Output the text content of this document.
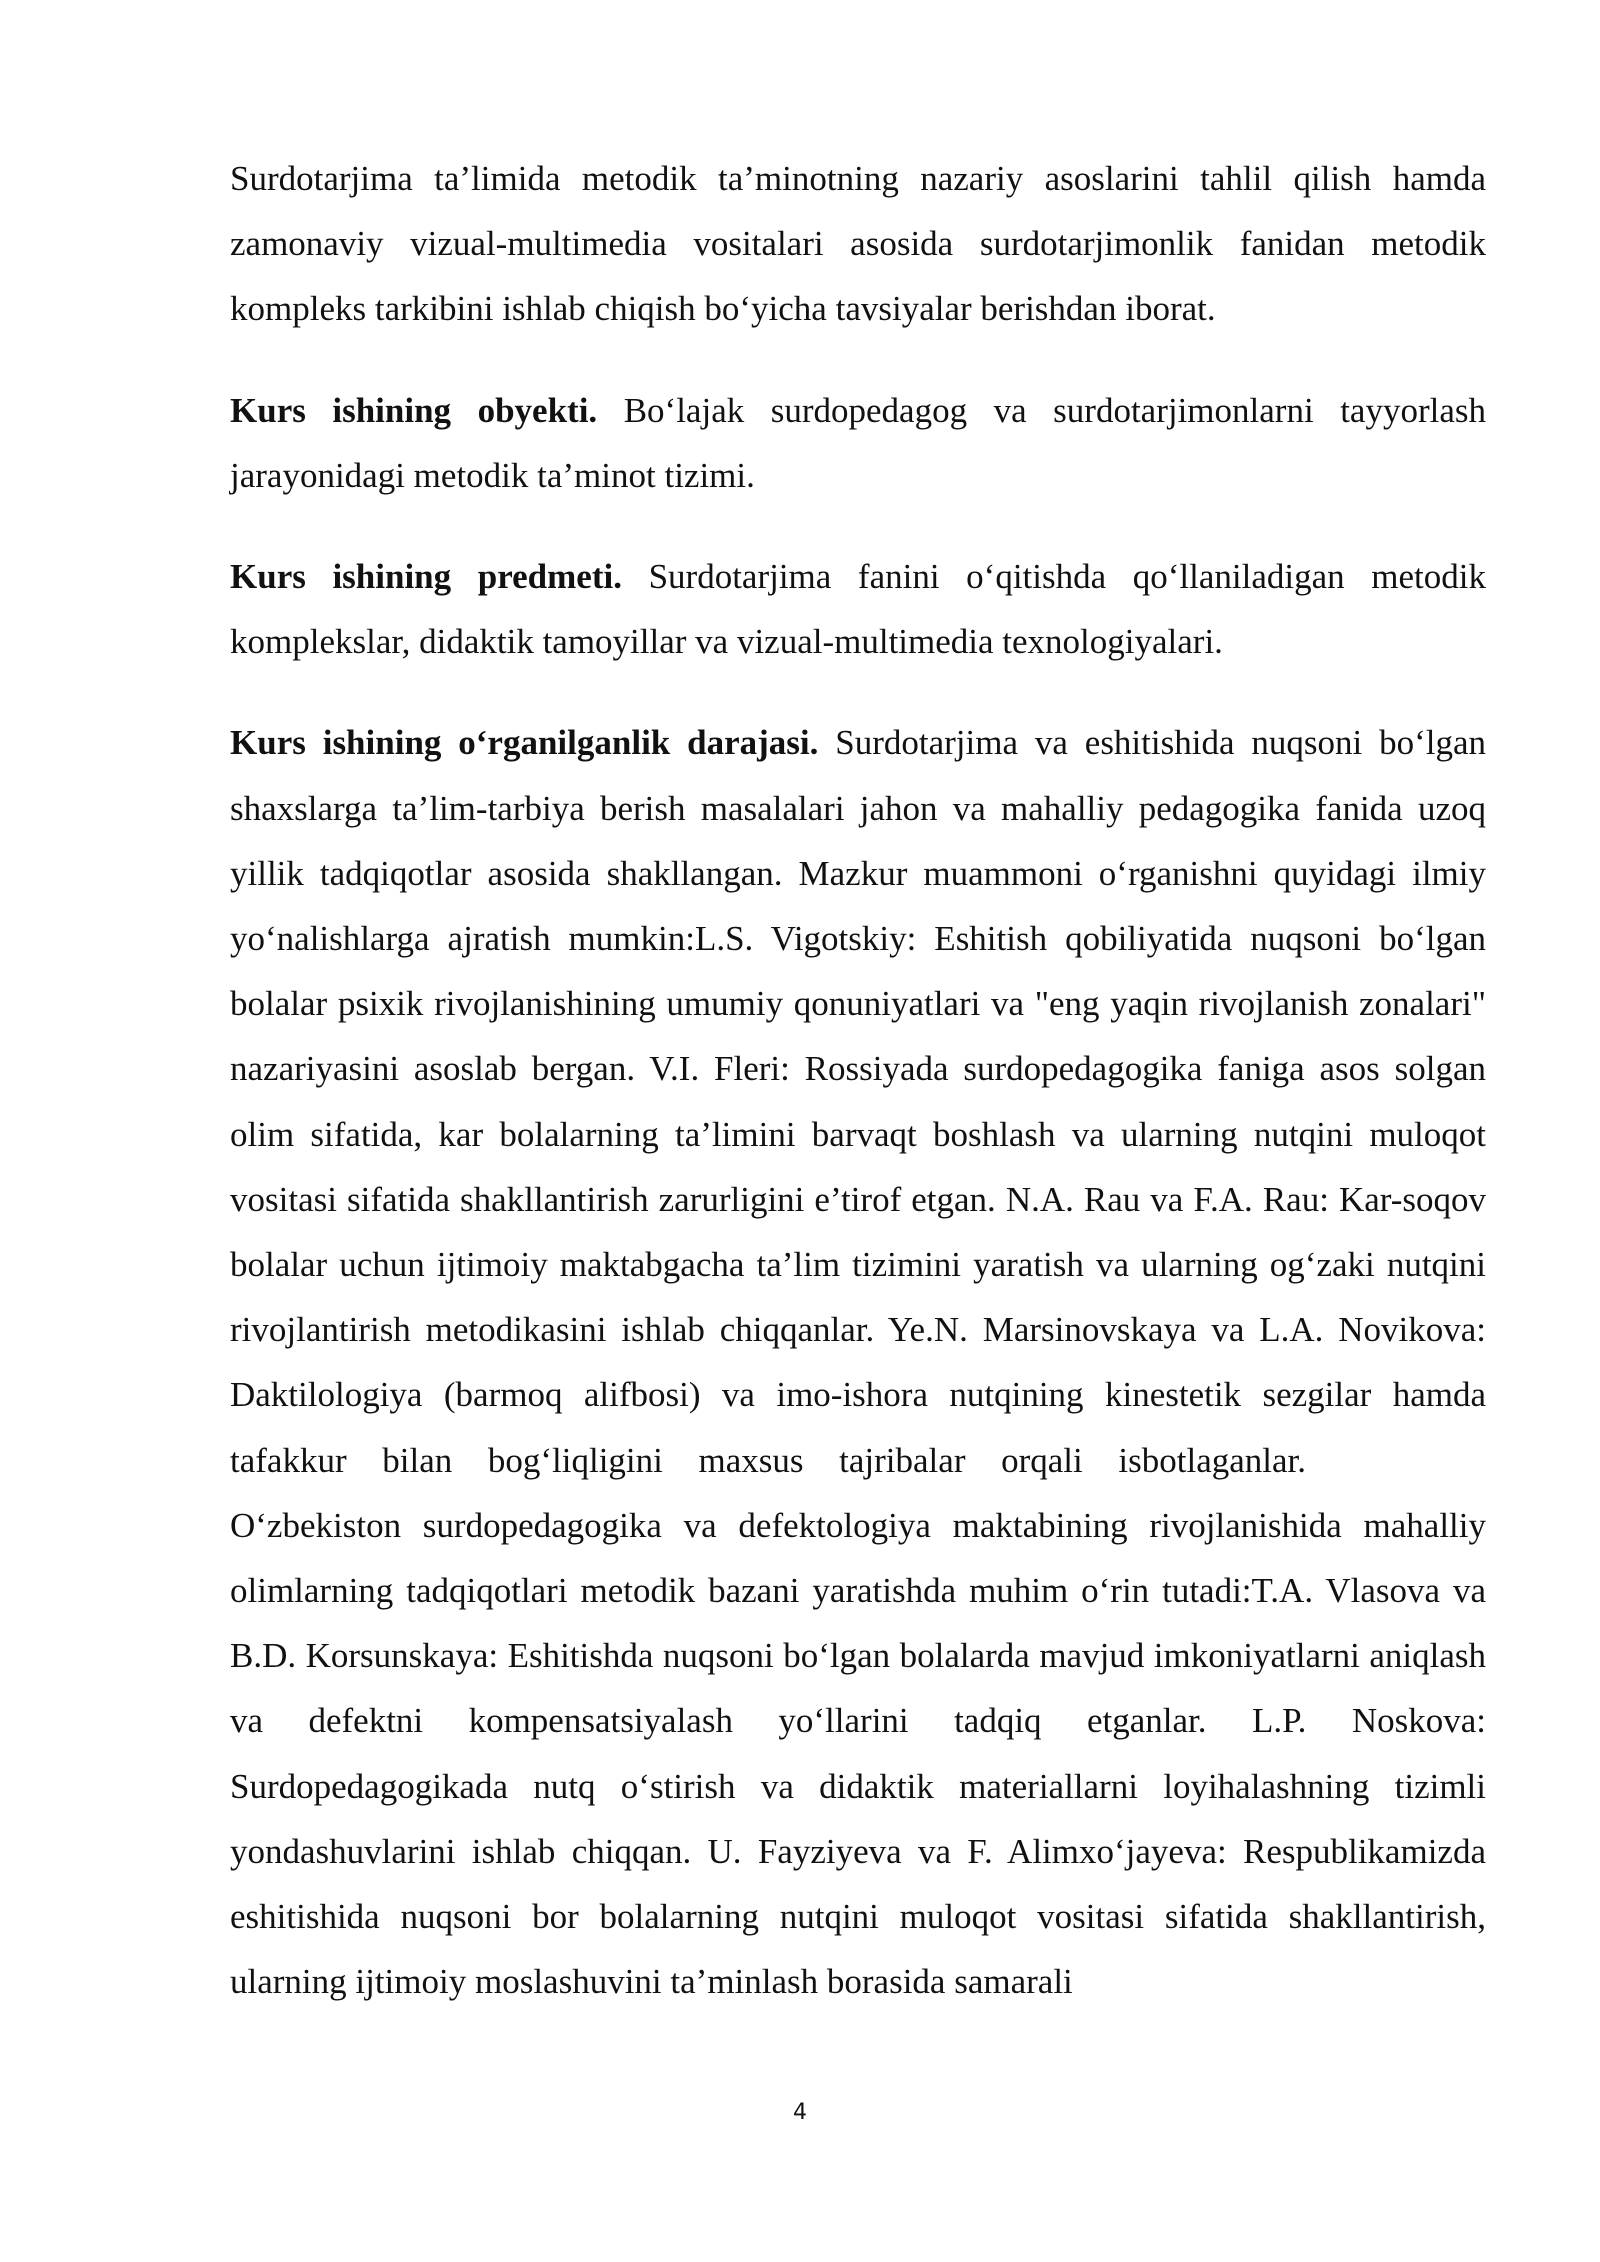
Surdotarjima ta’limida metodik ta’minotning nazariy asoslarini tahlil qilish hamda zamonaviy vizual-multimedia vositalari asosida surdotarjimonlik fanidan metodik kompleks tarkibini ishlab chiqish bo‘yicha tavsiyalar berishdan iborat.

Kurs ishining obyekti. Bo‘lajak surdopedagog va surdotarjimonlarni tayyorlash jarayonidagi metodik ta’minot tizimi.

Kurs ishining predmeti. Surdotarjima fanini o‘qitishda qo‘llaniladigan metodik komplekslar, didaktik tamoyillar va vizual-multimedia texnologiyalari.

Kurs ishining o‘rganilganlik darajasi. Surdotarjima va eshitishida nuqsoni bo‘lgan shaxslarga ta’lim-tarbiya berish masalalari jahon va mahalliy pedagogika fanida uzoq yillik tadqiqotlar asosida shakllangan. Mazkur muammoni o‘rganishni quyidagi ilmiy yo‘nalishlarga ajratish mumkin:L.S. Vigotskiy: Eshitish qobiliyatida nuqsoni bo‘lgan bolalar psixik rivojlanishining umumiy qonuniyatlari va "eng yaqin rivojlanish zonalari" nazariyasini asoslab bergan. V.I. Fleri: Rossiyada surdopedagogika faniga asos solgan olim sifatida, kar bolalarning ta’limini barvaqt boshlash va ularning nutqini muloqot vositasi sifatida shakllantirish zarurligini e’tirof etgan. N.A. Rau va F.A. Rau: Kar-soqov bolalar uchun ijtimoiy maktabgacha ta’lim tizimini yaratish va ularning og‘zaki nutqini rivojlantirish metodikasini ishlab chiqqanlar. Ye.N. Marsinovskaya va L.A. Novikova: Daktilologiya (barmoq alifbosi) va imo-ishora nutqining kinestetik sezgilar hamda tafakkur bilan bog‘liqligini maxsus tajribalar orqali isbotlaganlar.O‘zbekiston surdopedagogika va defektologiya maktabining rivojlanishida mahalliy olimlarning tadqiqotlari metodik bazani yaratishda muhim o‘rin tutadi:T.A. Vlasova va B.D. Korsunskaya: Eshitishda nuqsoni bo‘lgan bolalarda mavjud imkoniyatlarni aniqlash va defektni kompensatsiyalash yo‘llarini tadqiq etganlar. L.P. Noskova: Surdopedagogikada nutq o‘stirish va didaktik materiallarni loyihalashning tizimli yondashuvlarini ishlab chiqqan. U. Fayziyeva va F. Alimxo‘jayeva: Respublikamizda eshitishida nuqsoni bor bolalarning nutqini muloqot vositasi sifatida shakllantirish, ularning ijtimoiy moslashuvini ta’minlash borasida samarali

4
